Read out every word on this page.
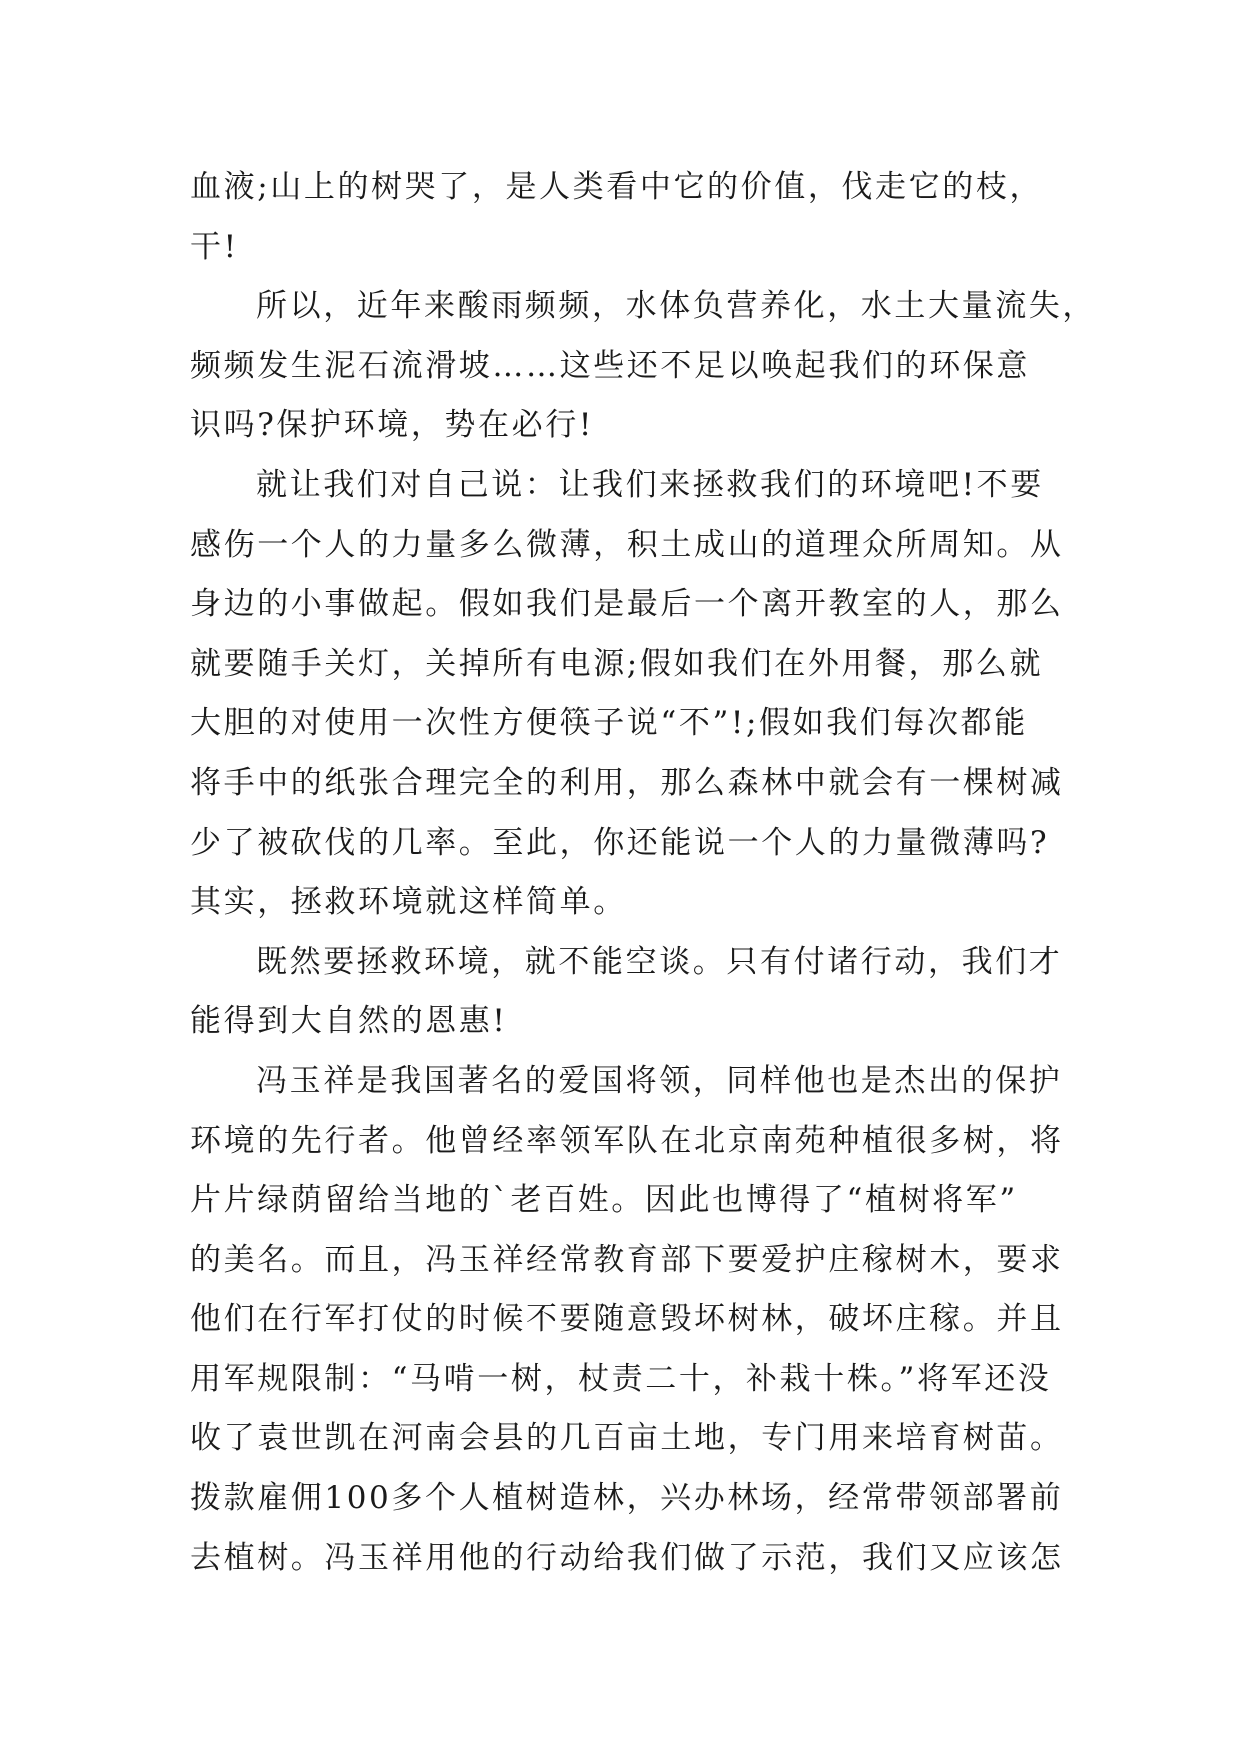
血液;山上的树哭了，是人类看中它的价值，伐走它的枝，
干!
所以，近年来酸雨频频，水体负营养化，水土大量流失，
频频发生泥石流滑坡……这些还不足以唤起我们的环保意
识吗?保护环境，势在必行!
就让我们对自己说：让我们来拯救我们的环境吧!不要
感伤一个人的力量多么微薄，积土成山的道理众所周知。从
身边的小事做起。假如我们是最后一个离开教室的人，那么
就要随手关灯，关掉所有电源;假如我们在外用餐，那么就
大胆的对使用一次性方便筷子说“不”!;假如我们每次都能
将手中的纸张合理完全的利用，那么森林中就会有一棵树减
少了被砍伐的几率。至此，你还能说一个人的力量微薄吗?
其实，拯救环境就这样简单。
既然要拯救环境，就不能空谈。只有付诸行动，我们才
能得到大自然的恩惠!
冯玉祥是我国著名的爱国将领，同样他也是杰出的保护
环境的先行者。他曾经率领军队在北京南苑种植很多树，将
片片绿荫留给当地的`老百姓。因此也博得了“植树将军”
的美名。而且，冯玉祥经常教育部下要爱护庄稼树木，要求
他们在行军打仗的时候不要随意毁坏树林，破坏庄稼。并且
用军规限制：“马啃一树，杖责二十，补栽十株。”将军还没
收了袁世凯在河南会县的几百亩土地，专门用来培育树苗。
拨款雇佣100多个人植树造林，兴办林场，经常带领部署前
去植树。冯玉祥用他的行动给我们做了示范，我们又应该怎
